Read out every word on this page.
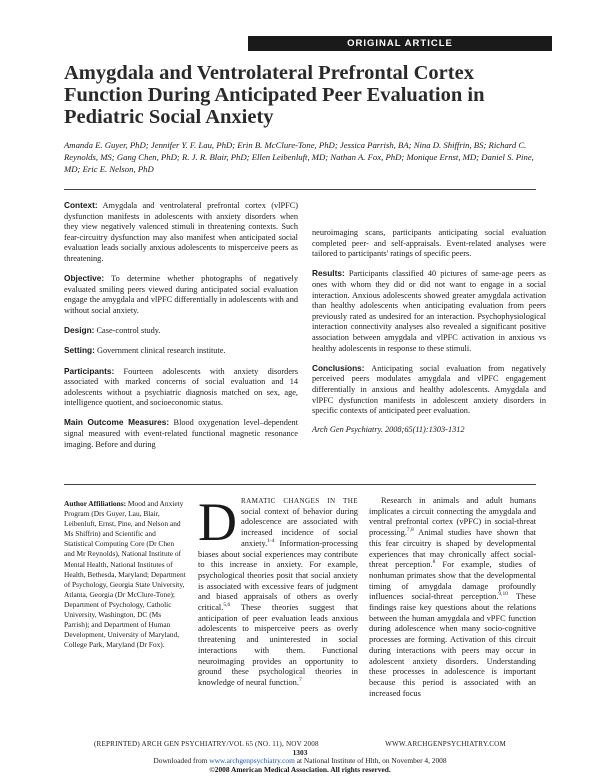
ORIGINAL ARTICLE
Amygdala and Ventrolateral Prefrontal Cortex Function During Anticipated Peer Evaluation in Pediatric Social Anxiety
Amanda E. Guyer, PhD; Jennifer Y. F. Lau, PhD; Erin B. McClure-Tone, PhD; Jessica Parrish, BA; Nina D. Shiffrin, BS; Richard C. Reynolds, MS; Gang Chen, PhD; R. J. R. Blair, PhD; Ellen Leibenluft, MD; Nathan A. Fox, PhD; Monique Ernst, MD; Daniel S. Pine, MD; Eric E. Nelson, PhD

Context: Amygdala and ventrolateral prefrontal cortex (vlPFC) dysfunction manifests in adolescents with anxiety disorders when they view negatively valenced stimuli in threatening contexts. Such fear-circuitry dysfunction may also manifest when anticipated social evaluation leads socially anxious adolescents to misperceive peers as threatening.

Objective: To determine whether photographs of negatively evaluated smiling peers viewed during anticipated social evaluation engage the amygdala and vlPFC differentially in adolescents with and without social anxiety.

Design: Case-control study.

Setting: Government clinical research institute.

Participants: Fourteen adolescents with anxiety disorders associated with marked concerns of social evaluation and 14 adolescents without a psychiatric diagnosis matched on sex, age, intelligence quotient, and socioeconomic status.

Main Outcome Measures: Blood oxygenation level–dependent signal measured with event-related functional magnetic resonance imaging. Before and during

neuroimaging scans, participants anticipating social evaluation completed peer- and self-appraisals. Event-related analyses were tailored to participants' ratings of specific peers.

Results: Participants classified 40 pictures of same-age peers as ones with whom they did or did not want to engage in a social interaction. Anxious adolescents showed greater amygdala activation than healthy adolescents when anticipating evaluation from peers previously rated as undesired for an interaction. Psychophysiological interaction connectivity analyses also revealed a significant positive association between amygdala and vlPFC activation in anxious vs healthy adolescents in response to these stimuli.

Conclusions: Anticipating social evaluation from negatively perceived peers modulates amygdala and vlPFC engagement differentially in anxious and healthy adolescents. Amygdala and vlPFC dysfunction manifests in adolescent anxiety disorders in specific contexts of anticipated peer evaluation.

Arch Gen Psychiatry. 2008;65(11):1303-1312

Author Affiliations: Mood and Anxiety Program (Drs Guyer, Lau, Blair, Leibenluft, Ernst, Pine, and Nelson and Ms Shiffrin) and Scientific and Statistical Computing Core (Dr Chen and Mr Reynolds), National Institute of Mental Health, National Institutes of Health, Bethesda, Maryland; Department of Psychology, Georgia State University, Atlanta, Georgia (Dr McClure-Tone); Department of Psychology, Catholic University, Washington, DC (Ms Parrish); and Department of Human Development, University of Maryland, College Park, Maryland (Dr Fox).

DRAMATIC CHANGES IN THE social context of behavior during adolescence are associated with increased incidence of social anxiety.$^{1-4}$ Information-processing biases about social experiences may contribute to this increase in anxiety. For example, psychological theories posit that social anxiety is associated with excessive fears of judgment and biased appraisals of others as overly critical.$^{5,6}$ These theories suggest that anticipation of peer evaluation leads anxious adolescents to misperceive peers as overly threatening and uninterested in social interactions with them. Functional neuroimaging provides an opportunity to ground these psychological theories in knowledge of neural function.$^7$

Research in animals and adult humans implicates a circuit connecting the amygdala and ventral prefrontal cortex (vPFC) in social-threat processing.$^{7,8}$ Animal studies have shown that this fear circuitry is shaped by developmental experiences that may chronically affect social-threat perception.$^8$ For example, studies of nonhuman primates show that the developmental timing of amygdala damage profoundly influences social-threat perception.$^{9,10}$ These findings raise key questions about the relations between the human amygdala and vPFC function during adolescence when many socio-cognitive processes are forming. Activation of this circuit during interactions with peers may occur in adolescent anxiety disorders. Understanding these processes in adolescence is important because this period is associated with an increased focus

(REPRINTED) ARCH GEN PSYCHIATRY/VOL 65 (NO. 11), NOV 2008	WWW.ARCHGENPSYCHIATRY.COM
1303
Downloaded from www.archgenpsychiatry.com at National Institute of Hlth, on November 4, 2008
©2008 American Medical Association. All rights reserved.
